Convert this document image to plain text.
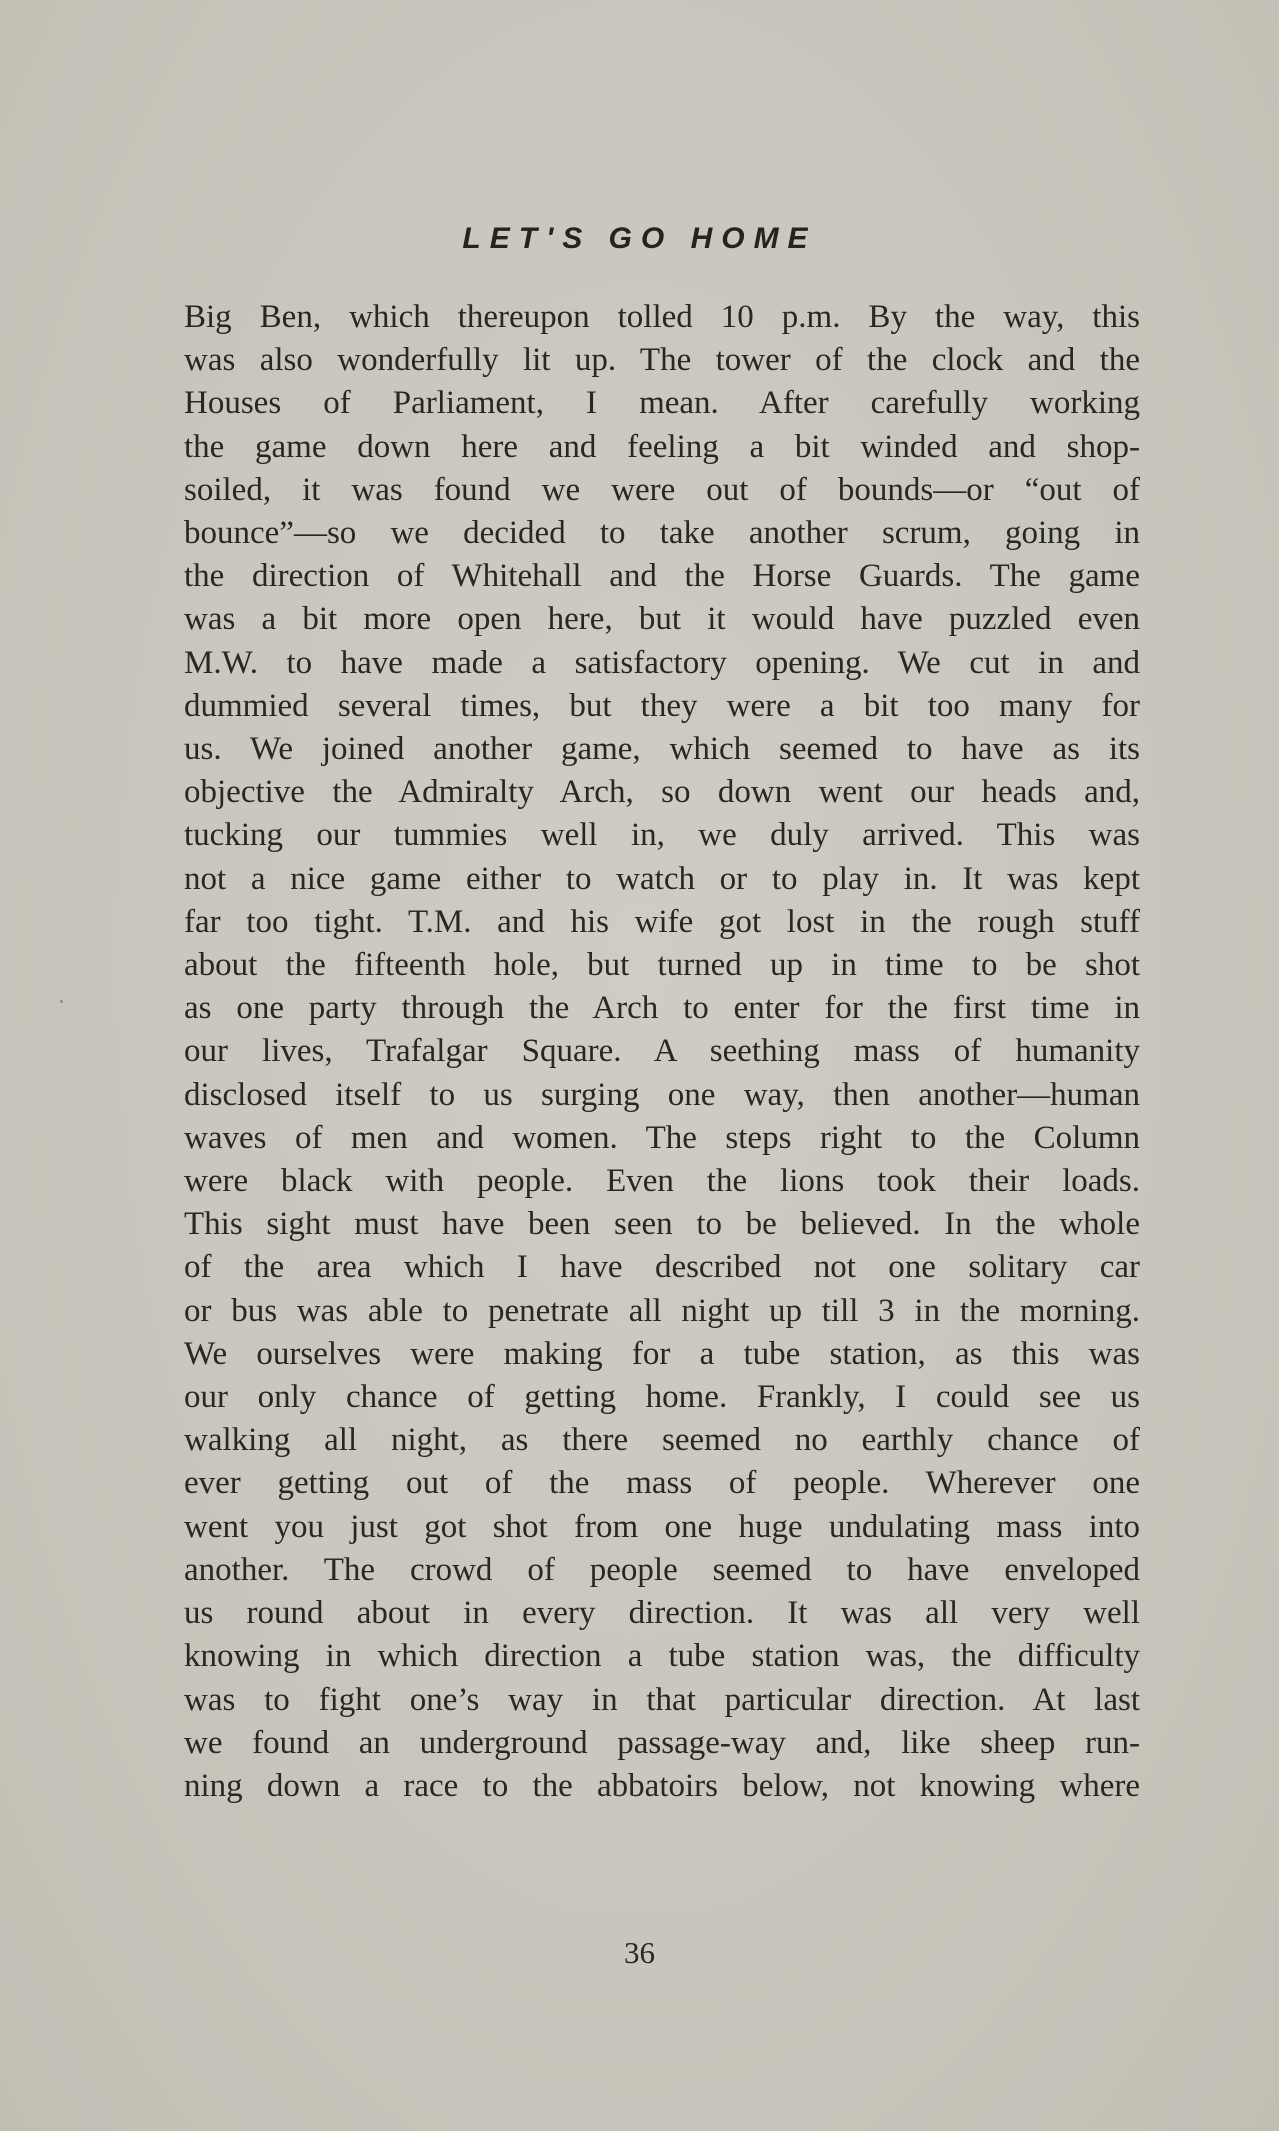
LET'S GO HOME

Big Ben, which thereupon tolled 10 p.m. By the way, this
was also wonderfully lit up. The tower of the clock and the
Houses of Parliament, I mean. After carefully working
the game down here and feeling a bit winded and shop-
soiled, it was found we were out of bounds—or “out of
bounce”—so we decided to take another scrum, going in
the direction of Whitehall and the Horse Guards. The game
was a bit more open here, but it would have puzzled even
M.W. to have made a satisfactory opening. We cut in and
dummied several times, but they were a bit too many for
us. We joined another game, which seemed to have as its
objective the Admiralty Arch, so down went our heads and,
tucking our tummies well in, we duly arrived. This was
not a nice game either to watch or to play in. It was kept
far too tight. T.M. and his wife got lost in the rough stuff
about the fifteenth hole, but turned up in time to be shot
as one party through the Arch to enter for the first time in
our lives, Trafalgar Square. A seething mass of humanity
disclosed itself to us surging one way, then another—human
waves of men and women. The steps right to the Column
were black with people. Even the lions took their loads.
This sight must have been seen to be believed. In the whole
of the area which I have described not one solitary car
or bus was able to penetrate all night up till 3 in the morning.
We ourselves were making for a tube station, as this was
our only chance of getting home. Frankly, I could see us
walking all night, as there seemed no earthly chance of
ever getting out of the mass of people. Wherever one
went you just got shot from one huge undulating mass into
another. The crowd of people seemed to have enveloped
us round about in every direction. It was all very well
knowing in which direction a tube station was, the difficulty
was to fight one’s way in that particular direction. At last
we found an underground passage-way and, like sheep run-
ning down a race to the abbatoirs below, not knowing where

36
